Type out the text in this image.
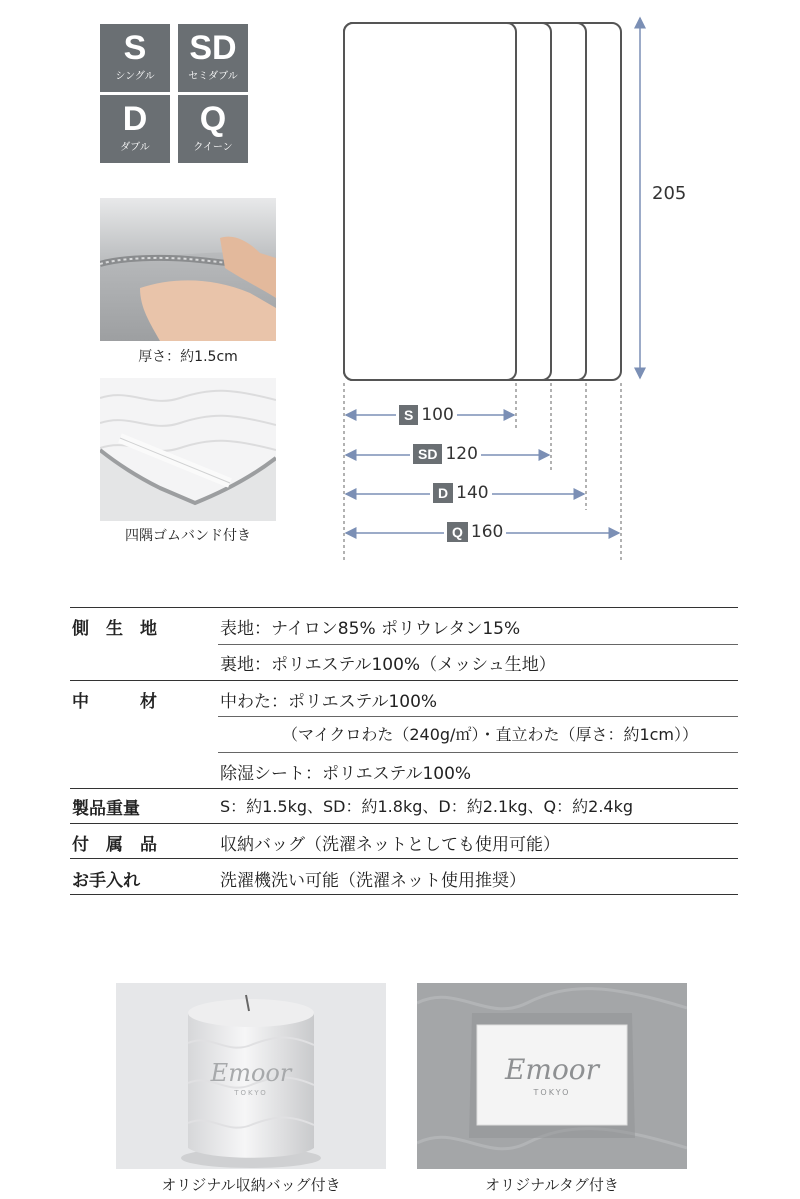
S
シングル
SD
セミダブル
D
ダブル
Q
クイーン
厚さ：約1.5cm
四隅ゴムバンド付き
205
S 100
SD 120
D 140
Q 160
側　生　地	表地：ナイロン85% ポリウレタン15%
裏地：ポリエステル100%（メッシュ生地）
中　　　材	中わた：ポリエステル100%
（マイクロわた（240g/㎡）・直立わた（厚さ：約1cm））
除湿シート：ポリエステル100%
製品重量	S：約1.5kg、SD：約1.8kg、D：約2.1kg、Q：約2.4kg
付　属　品	収納バッグ（洗濯ネットとしても使用可能）
お手入れ	洗濯機洗い可能（洗濯ネット使用推奨）
Emoor
TOKYO
オリジナル収納バッグ付き
Emoor
TOKYO
オリジナルタグ付き
